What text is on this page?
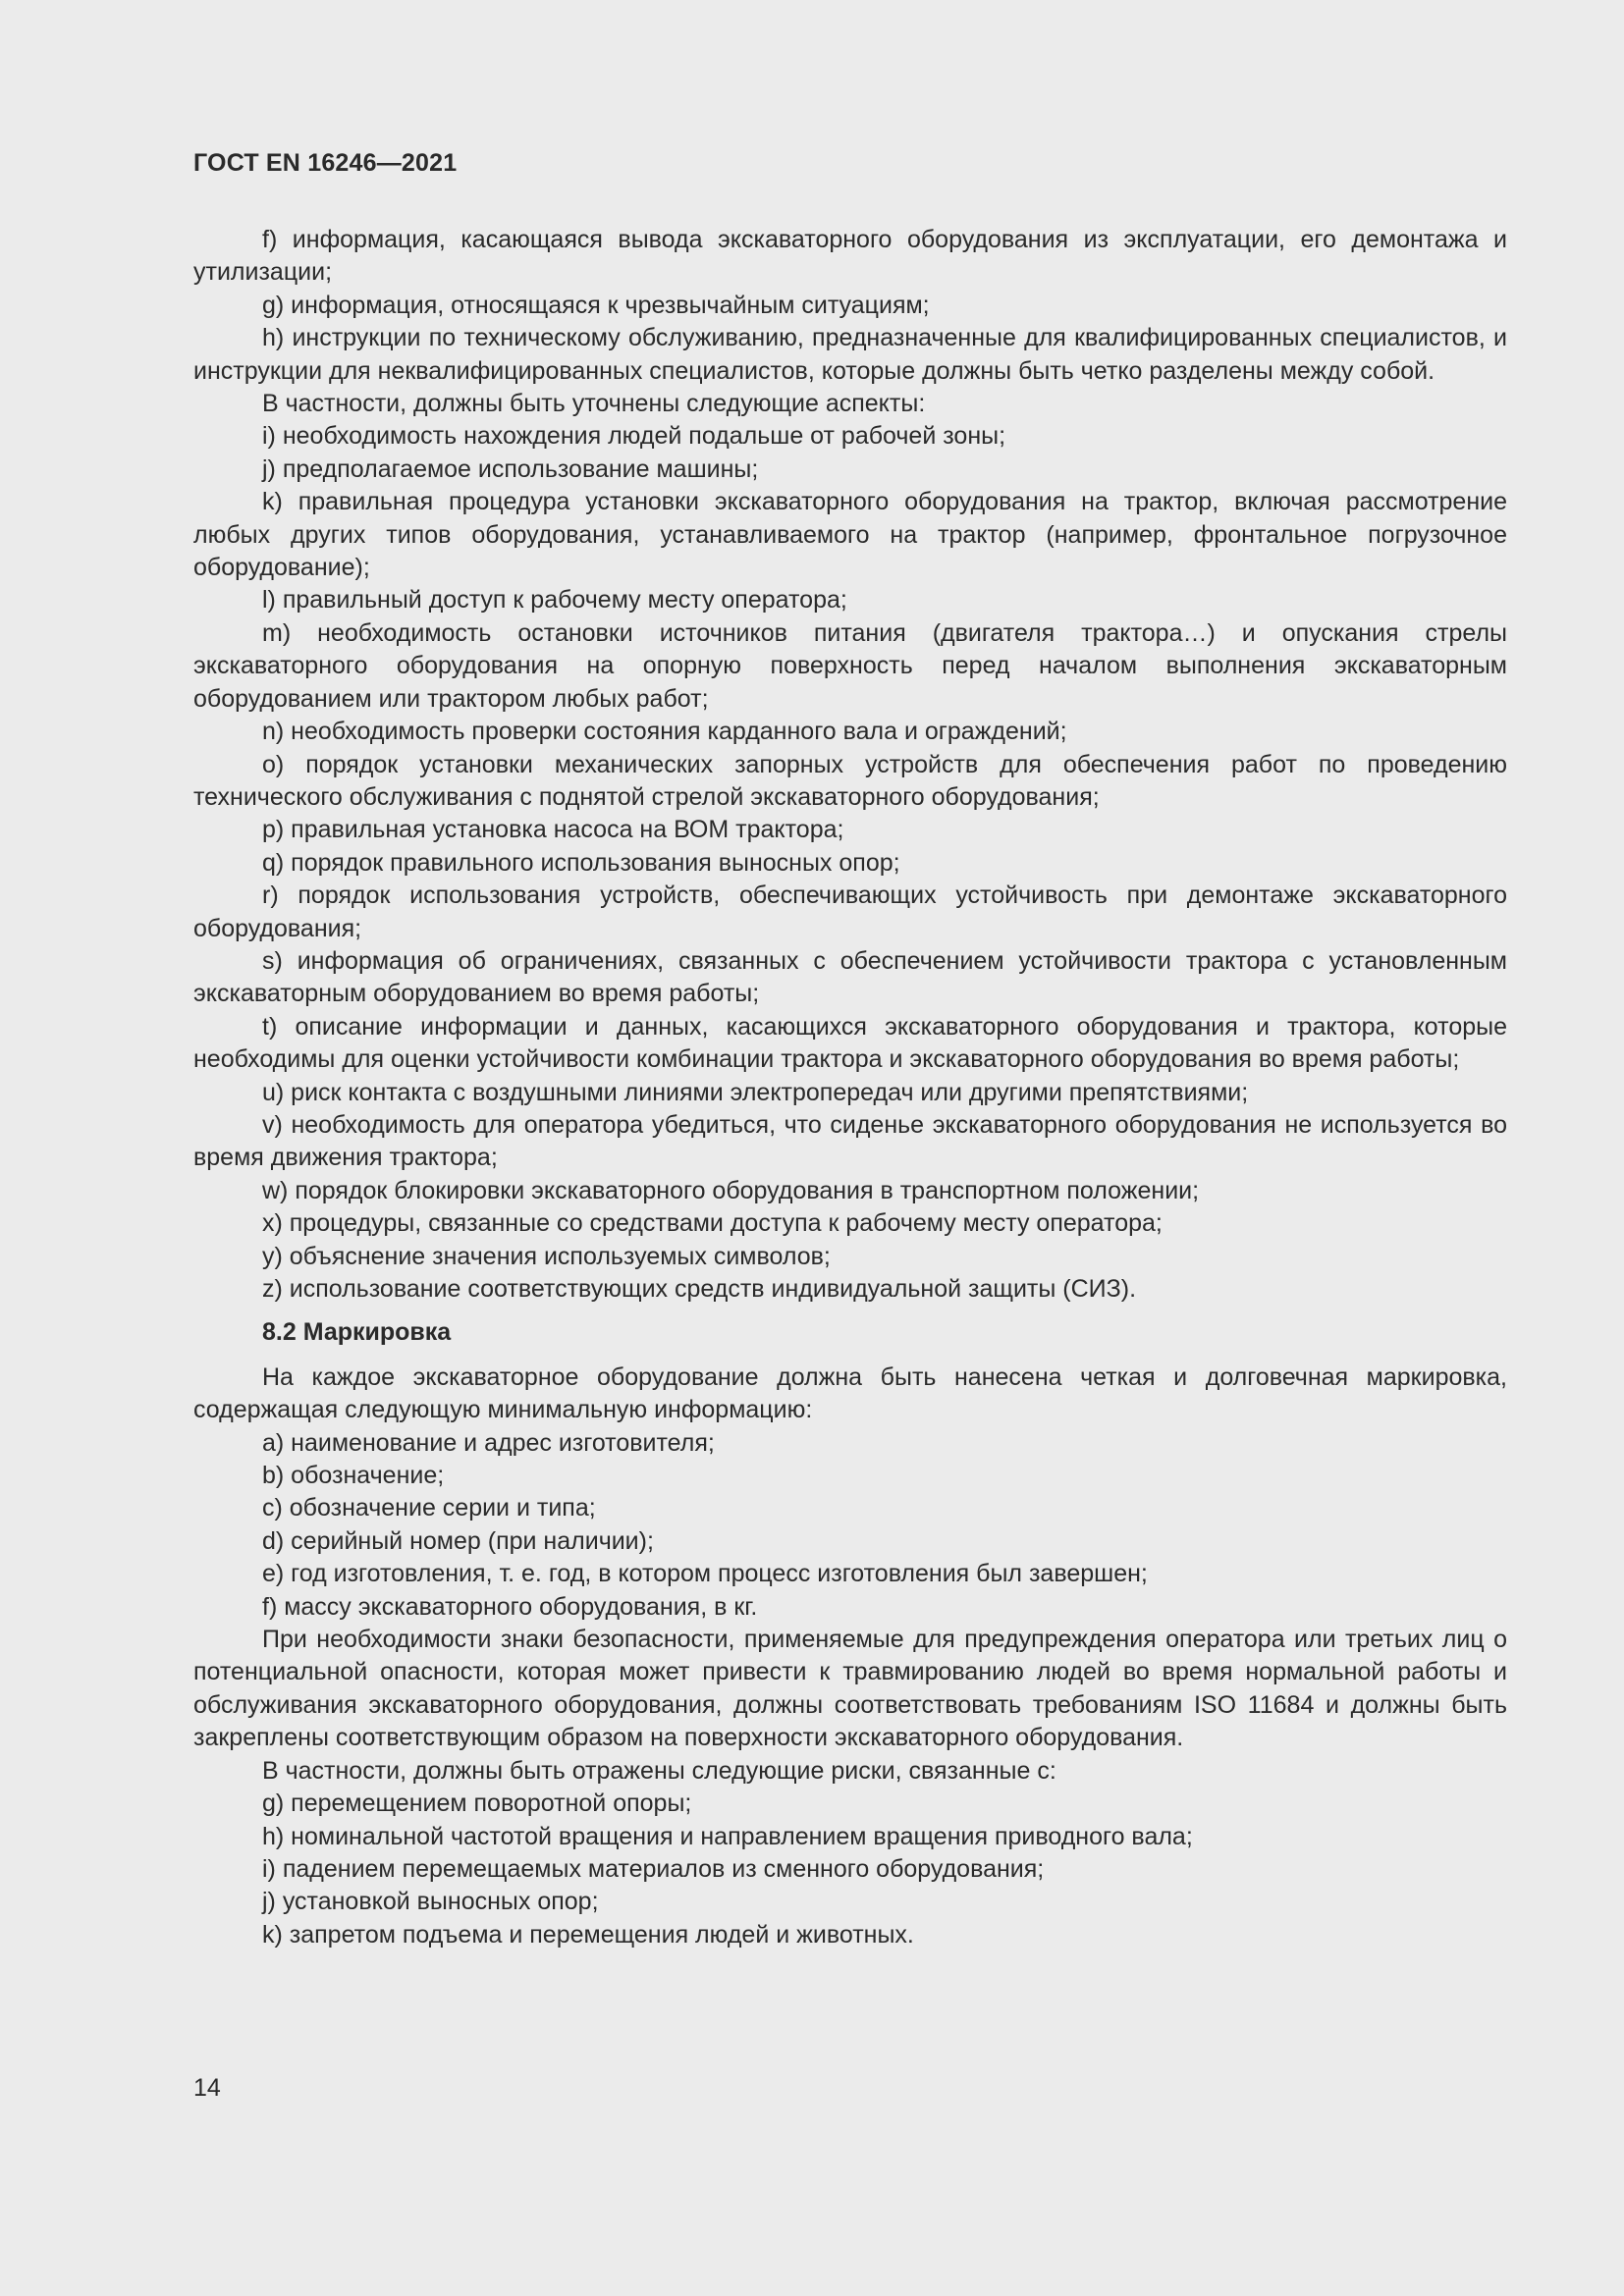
ГОСТ EN 16246—2021

f) информация, касающаяся вывода экскаваторного оборудования из эксплуатации, его демонтажа и утилизации;

g) информация, относящаяся к чрезвычайным ситуациям;

h) инструкции по техническому обслуживанию, предназначенные для квалифицированных специалистов, и инструкции для неквалифицированных специалистов, которые должны быть четко разделены между собой.

В частности, должны быть уточнены следующие аспекты:

i) необходимость нахождения людей подальше от рабочей зоны;

j) предполагаемое использование машины;

k) правильная процедура установки экскаваторного оборудования на трактор, включая рассмотрение любых других типов оборудования, устанавливаемого на трактор (например, фронтальное погрузочное оборудование);

l) правильный доступ к рабочему месту оператора;

m) необходимость остановки источников питания (двигателя трактора…) и опускания стрелы экскаваторного оборудования на опорную поверхность перед началом выполнения экскаваторным оборудованием или трактором любых работ;

n) необходимость проверки состояния карданного вала и ограждений;

o) порядок установки механических запорных устройств для обеспечения работ по проведению технического обслуживания с поднятой стрелой экскаваторного оборудования;

p) правильная установка насоса на ВОМ трактора;

q) порядок правильного использования выносных опор;

r) порядок использования устройств, обеспечивающих устойчивость при демонтаже экскаваторного оборудования;

s) информация об ограничениях, связанных с обеспечением устойчивости трактора с установленным экскаваторным оборудованием во время работы;

t) описание информации и данных, касающихся экскаваторного оборудования и трактора, которые необходимы для оценки устойчивости комбинации трактора и экскаваторного оборудования во время работы;

u) риск контакта с воздушными линиями электропередач или другими препятствиями;

v) необходимость для оператора убедиться, что сиденье экскаваторного оборудования не используется во время движения трактора;

w) порядок блокировки экскаваторного оборудования в транспортном положении;

x) процедуры, связанные со средствами доступа к рабочему месту оператора;

y) объяснение значения используемых символов;

z) использование соответствующих средств индивидуальной защиты (СИЗ).

8.2 Маркировка

На каждое экскаваторное оборудование должна быть нанесена четкая и долговечная маркировка, содержащая следующую минимальную информацию:

a) наименование и адрес изготовителя;

b) обозначение;

c) обозначение серии и типа;

d) серийный номер (при наличии);

e) год изготовления, т. е. год, в котором процесс изготовления был завершен;

f) массу экскаваторного оборудования, в кг.

При необходимости знаки безопасности, применяемые для предупреждения оператора или третьих лиц о потенциальной опасности, которая может привести к травмированию людей во время нормальной работы и обслуживания экскаваторного оборудования, должны соответствовать требованиям ISO 11684 и должны быть закреплены соответствующим образом на поверхности экскаваторного оборудования.

В частности, должны быть отражены следующие риски, связанные с:

g) перемещением поворотной опоры;

h) номинальной частотой вращения и направлением вращения приводного вала;

i) падением перемещаемых материалов из сменного оборудования;

j) установкой выносных опор;

k) запретом подъема и перемещения людей и животных.

14
